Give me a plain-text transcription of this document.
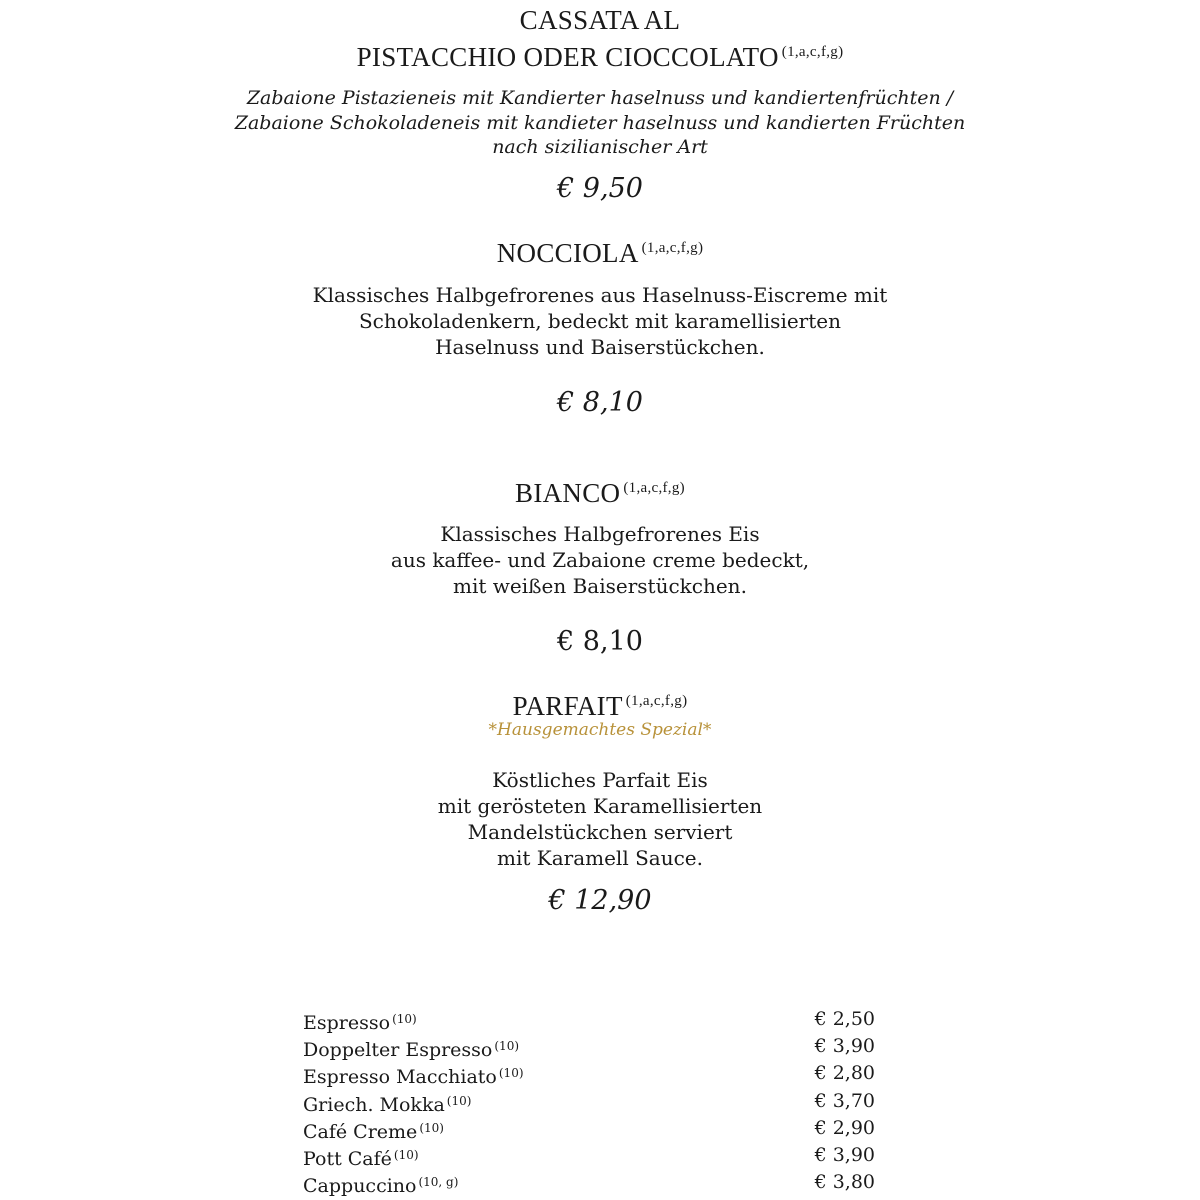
CASSATA AL
PISTACCHIO ODER CIOCCOLATO $^{(1,a,c,f,g)}$
Zabaione Pistazieneis mit Kandierter haselnuss und kandiertenfrüchten /
Zabaione Schokoladeneis mit kandieter haselnuss und kandierten Früchten
nach sizilianischer Art
€ 9,50
NOCCIOLA $^{(1,a,c,f,g)}$
Klassisches Halbgefrorenes aus Haselnuss-Eiscreme mit
Schokoladenkern, bedeckt mit karamellisierten
Haselnuss und Baiserstückchen.
€ 8,10
BIANCO $^{(1,a,c,f,g)}$
Klassisches Halbgefrorenes Eis
aus kaffee- und Zabaione creme bedeckt,
mit weißen Baiserstückchen.
€ 8,10
PARFAIT $^{(1,a,c,f,g)}$
*Hausgemachtes Spezial*
Köstliches Parfait Eis
mit gerösteten Karamellisierten
Mandelstückchen serviert
mit Karamell Sauce.
€ 12,90
Espresso $^{(10)}$	€ 2,50
Doppelter Espresso $^{(10)}$	€ 3,90
Espresso Macchiato $^{(10)}$	€ 2,80
Griech. Mokka $^{(10)}$	€ 3,70
Café Creme $^{(10)}$	€ 2,90
Pott Café $^{(10)}$	€ 3,90
Cappuccino $^{(10, g)}$	€ 3,80
